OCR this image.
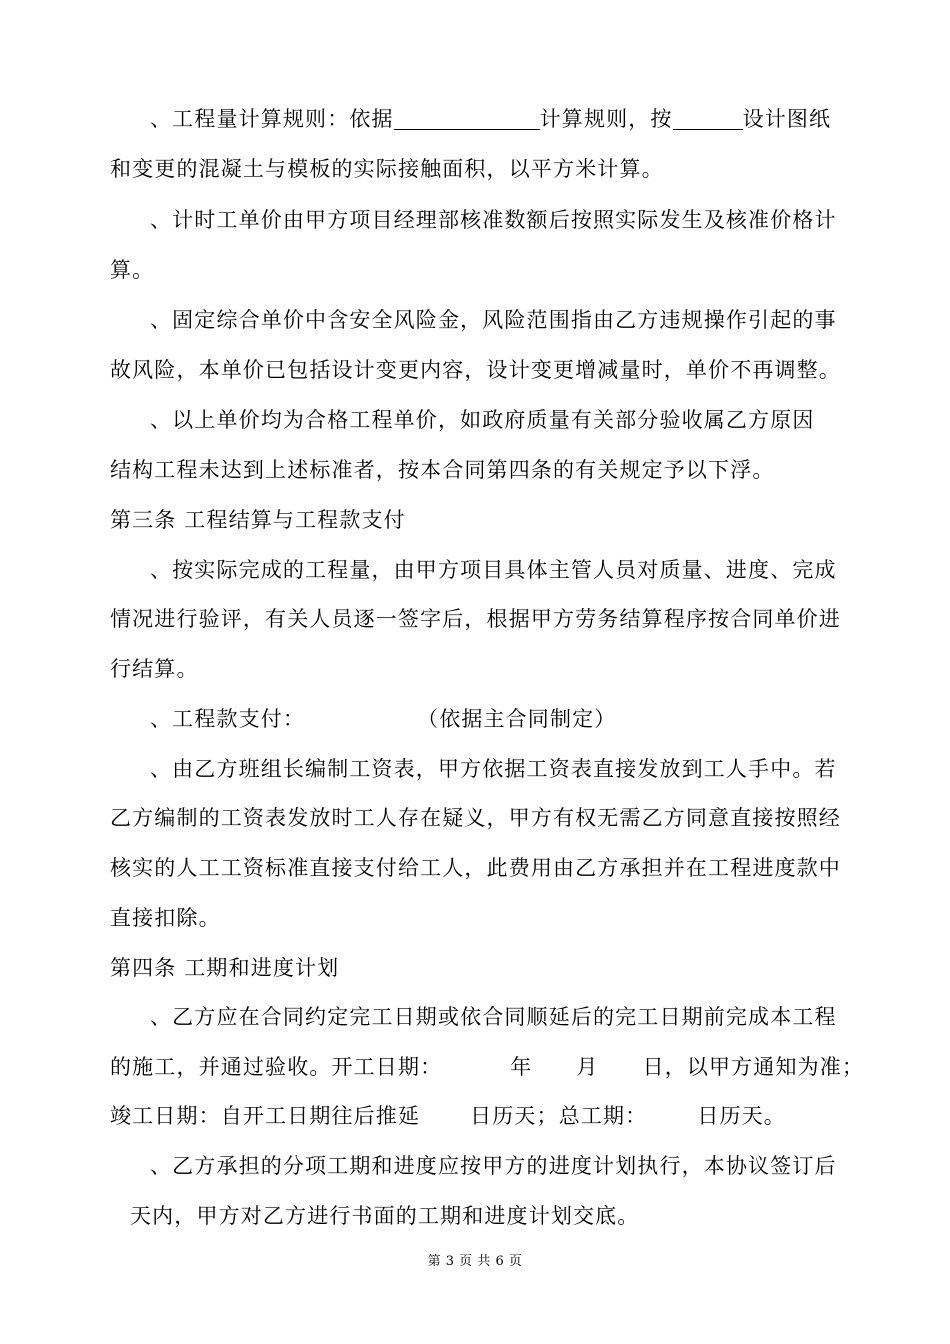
、工程量计算规则：依据	计算规则，按	设计图纸
和变更的混凝土与模板的实际接触面积，以平方米计算。
、计时工单价由甲方项目经理部核准数额后按照实际发生及核准价格计
算。
、固定综合单价中含安全风险金，风险范围指由乙方违规操作引起的事
故风险，本单价已包括设计变更内容，设计变更增减量时，单价不再调整。
、以上单价均为合格工程单价，如政府质量有关部分验收属乙方原因
结构工程未达到上述标准者，按本合同第四条的有关规定予以下浮。
第三条 工程结算与工程款支付
、按实际完成的工程量，由甲方项目具体主管人员对质量、进度、完成
情况进行验评，有关人员逐一签字后，根据甲方劳务结算程序按合同单价进
行结算。
、工程款支付：	（依据主合同制定）
、由乙方班组长编制工资表，甲方依据工资表直接发放到工人手中。若
乙方编制的工资表发放时工人存在疑义，甲方有权无需乙方同意直接按照经
核实的人工工资标准直接支付给工人，此费用由乙方承担并在工程进度款中
直接扣除。
第四条 工期和进度计划
、乙方应在合同约定完工日期或依合同顺延后的完工日期前完成本工程
的施工，并通过验收。开工日期：	年 月 日，以甲方通知为准；
竣工日期：自开工日期往后推延 日历天；总工期： 日历天。
、乙方承担的分项工期和进度应按甲方的进度计划执行，本协议签订后
天内，甲方对乙方进行书面的工期和进度计划交底。
第 3 页 共 6 页
